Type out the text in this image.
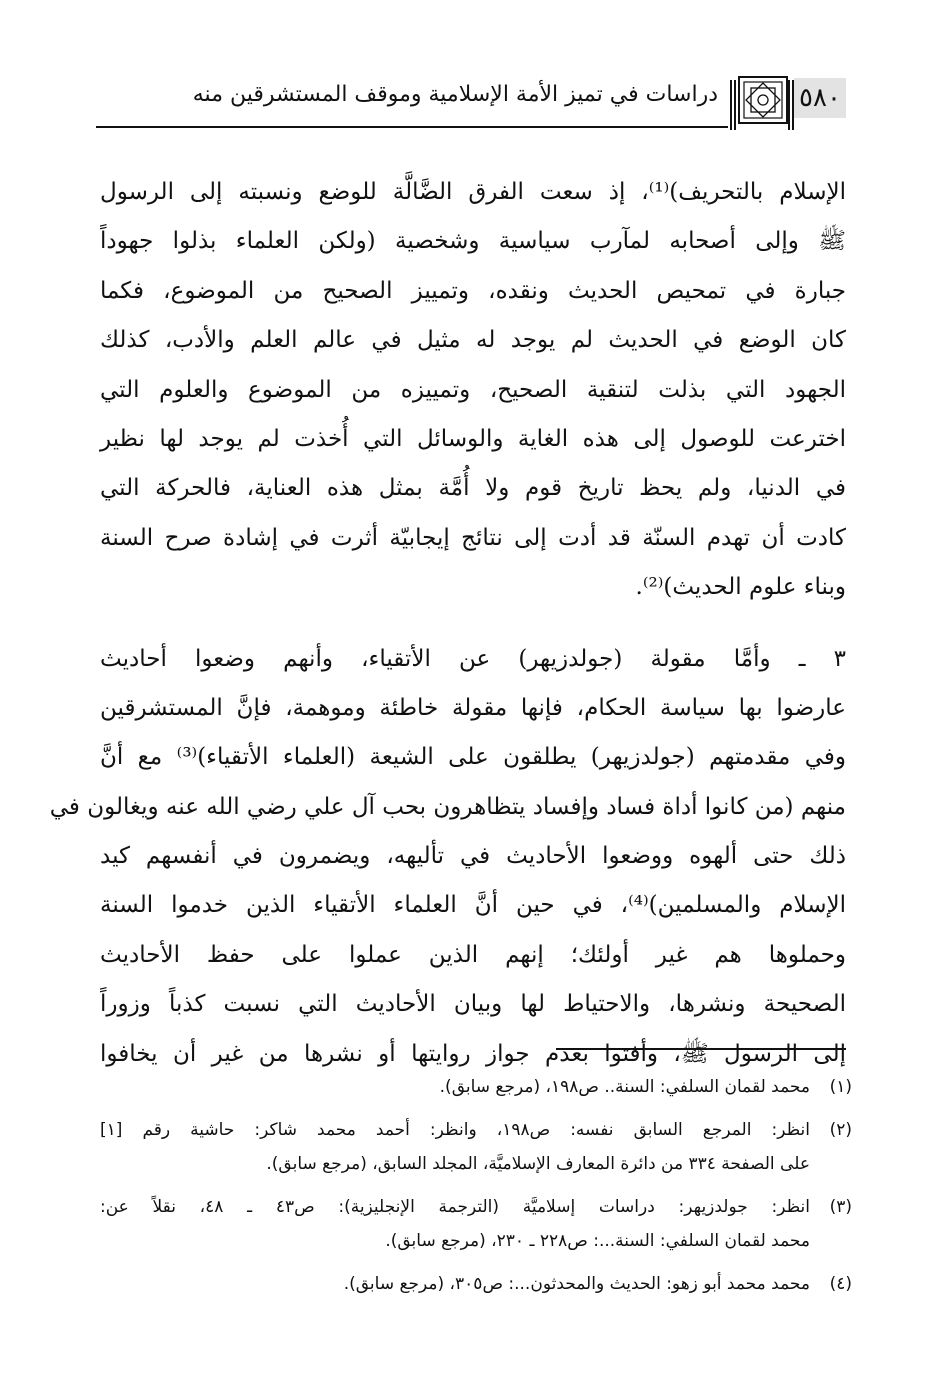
دراسات في تميز الأمة الإسلامية وموقف المستشرقين منه	٥٨٠
الإسلام بالتحريف)⁽¹⁾، إذ سعت الفرق الضَّالَّة للوضع ونسبته إلى الرسول
ﷺ وإلى أصحابه لمآرب سياسية وشخصية (ولكن العلماء بذلوا جهوداً
جبارة في تمحيص الحديث ونقده، وتمييز الصحيح من الموضوع، فكما
كان الوضع في الحديث لم يوجد له مثيل في عالم العلم والأدب، كذلك
الجهود التي بذلت لتنقية الصحيح، وتمييزه من الموضوع والعلوم التي
اخترعت للوصول إلى هذه الغاية والوسائل التي أُخذت لم يوجد لها نظير
في الدنيا، ولم يحظ تاريخ قوم ولا أُمَّة بمثل هذه العناية، فالحركة التي
كادت أن تهدم السنّة قد أدت إلى نتائج إيجابيّة أثرت في إشادة صرح السنة
وبناء علوم الحديث)⁽²⁾.
٣ ـ وأمَّا مقولة (جولدزيهر) عن الأتقياء، وأنهم وضعوا أحاديث
عارضوا بها سياسة الحكام، فإنها مقولة خاطئة وموهمة، فإنَّ المستشرقين
وفي مقدمتهم (جولدزيهر) يطلقون على الشيعة (العلماء الأتقياء)⁽³⁾ مع أنَّ
منهم (من كانوا أداة فساد وإفساد يتظاهرون بحب آل علي رضي الله عنه ويغالون في
ذلك حتى ألهوه ووضعوا الأحاديث في تأليهه، ويضمرون في أنفسهم كيد
الإسلام والمسلمين)⁽⁴⁾، في حين أنَّ العلماء الأتقياء الذين خدموا السنة
وحملوها هم غير أولئك؛ إنهم الذين عملوا على حفظ الأحاديث
الصحيحة ونشرها، والاحتياط لها وبيان الأحاديث التي نسبت كذباً وزوراً
إلى الرسول ﷺ، وأفتوا بعدم جواز روايتها أو نشرها من غير أن يخافوا
(١)
محمد لقمان السلفي: السنة.. ص١٩٨، (مرجع سابق).
(٢)
انظر: المرجع السابق نفسه: ص١٩٨، وانظر: أحمد محمد شاكر: حاشية رقم [١]
على الصفحة ٣٣٤ من دائرة المعارف الإسلاميَّة، المجلد السابق، (مرجع سابق).
(٣)
انظر: جولدزيهر: دراسات إسلاميَّة (الترجمة الإنجليزية): ص٤٣ ـ ٤٨، نقلاً عن:
محمد لقمان السلفي: السنة...: ص٢٢٨ ـ ٢٣٠، (مرجع سابق).
(٤)
محمد محمد أبو زهو: الحديث والمحدثون...: ص٣٠٥، (مرجع سابق).
